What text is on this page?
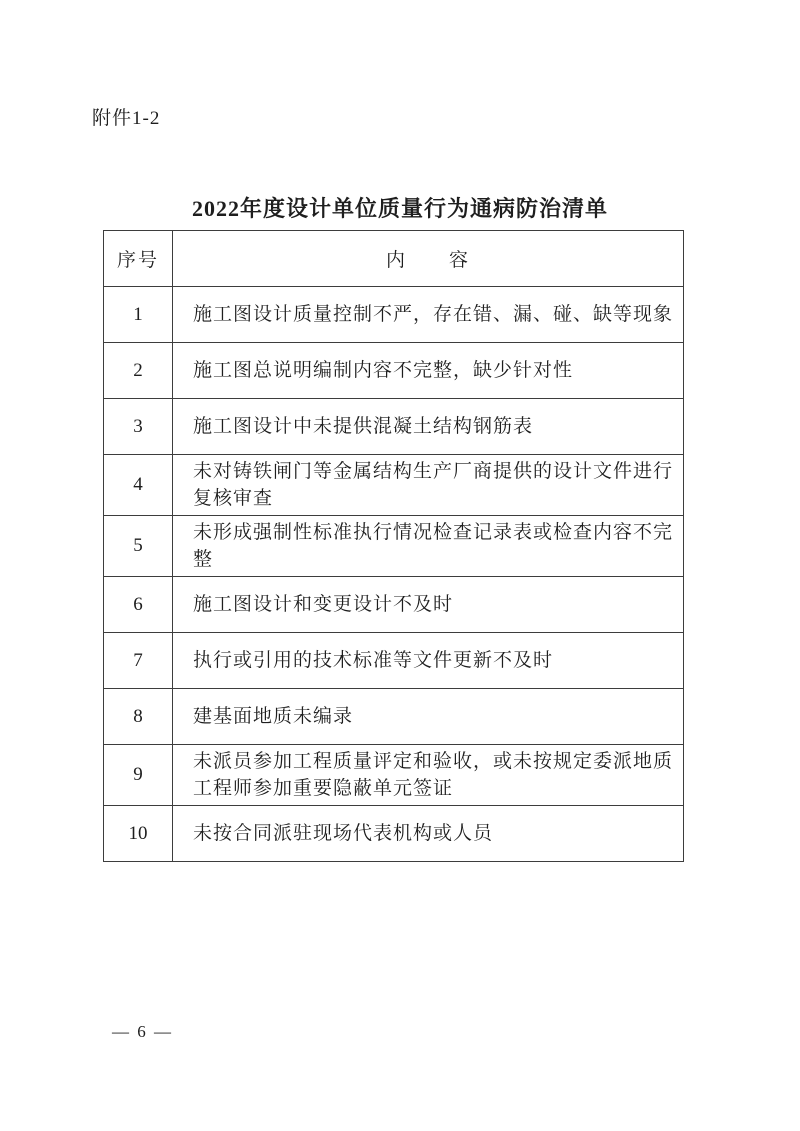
附件1-2
2022年度设计单位质量行为通病防治清单
序号	内　　容
1	施工图设计质量控制不严，存在错、漏、碰、缺等现象
2	施工图总说明编制内容不完整，缺少针对性
3	施工图设计中未提供混凝土结构钢筋表
4	未对铸铁闸门等金属结构生产厂商提供的设计文件进行复核审查
5	未形成强制性标准执行情况检查记录表或检查内容不完整
6	施工图设计和变更设计不及时
7	执行或引用的技术标准等文件更新不及时
8	建基面地质未编录
9	未派员参加工程质量评定和验收，或未按规定委派地质工程师参加重要隐蔽单元签证
10	未按合同派驻现场代表机构或人员
— 6 —
